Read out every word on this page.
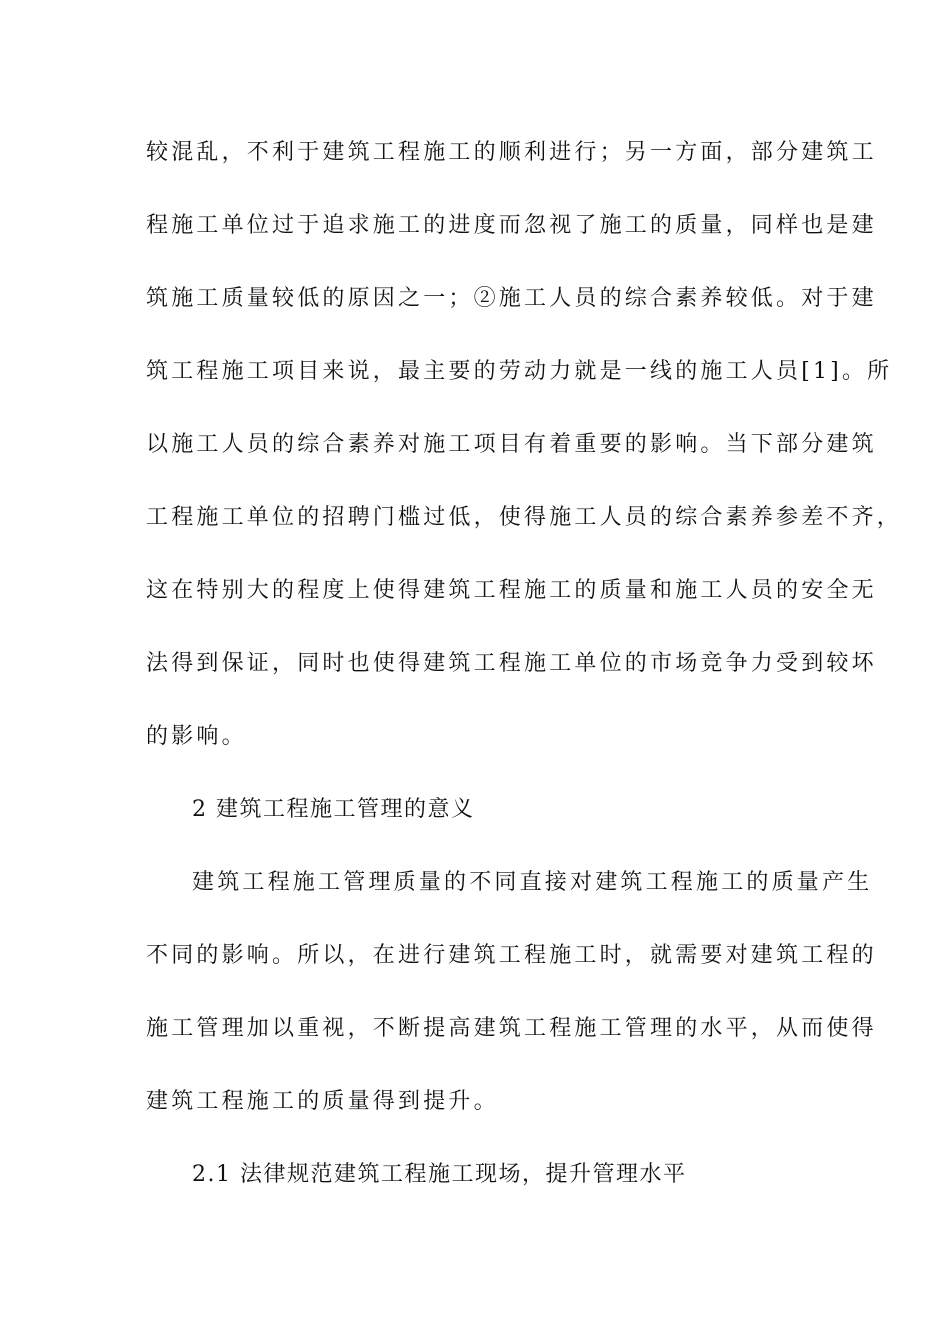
较混乱，不利于建筑工程施工的顺利进行；另一方面，部分建筑工
程施工单位过于追求施工的进度而忽视了施工的质量，同样也是建
筑施工质量较低的原因之一；②施工人员的综合素养较低。对于建
筑工程施工项目来说，最主要的劳动力就是一线的施工人员[1]。所
以施工人员的综合素养对施工项目有着重要的影响。当下部分建筑
工程施工单位的招聘门槛过低，使得施工人员的综合素养参差不齐，
这在特别大的程度上使得建筑工程施工的质量和施工人员的安全无
法得到保证，同时也使得建筑工程施工单位的市场竞争力受到较坏
的影响。
2 建筑工程施工管理的意义
建筑工程施工管理质量的不同直接对建筑工程施工的质量产生
不同的影响。所以，在进行建筑工程施工时，就需要对建筑工程的
施工管理加以重视，不断提高建筑工程施工管理的水平，从而使得
建筑工程施工的质量得到提升。
2.1 法律规范建筑工程施工现场，提升管理水平
